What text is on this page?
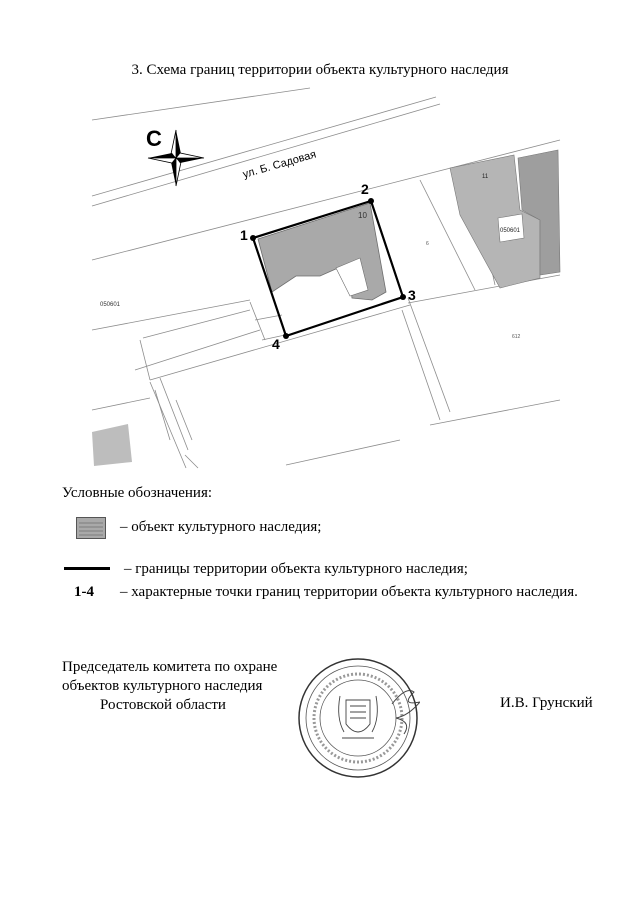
3. Схема границ территории объекта культурного наследия
1
2
3
4
ул. Б. Садовая
10
050601
050601
11
6
612
С
Условные обозначения:
– объект культурного наследия;
– границы территории объекта культурного наследия;
1-4 – характерные точки границ территории объекта культурного наследия.
Председатель комитета по охране
объектов культурного наследия
Ростовской области	И.В. Грунский
